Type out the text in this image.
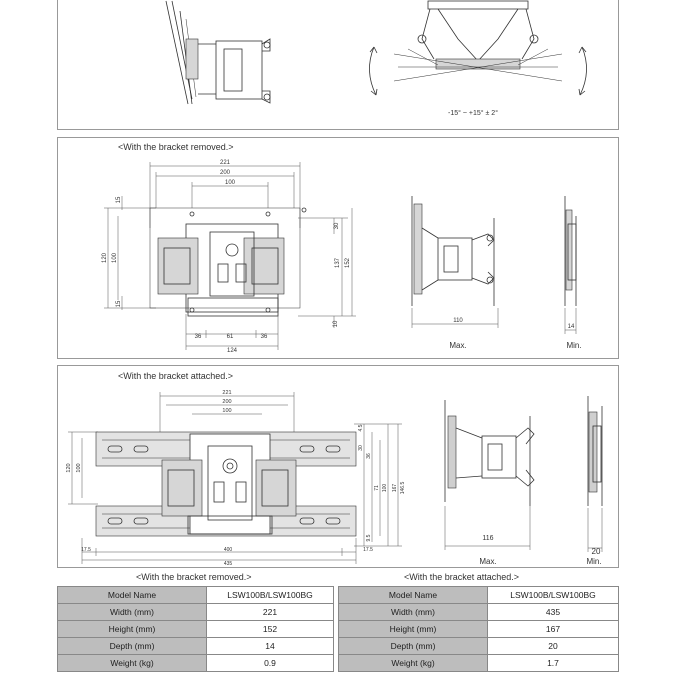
-15° ~ +15° ± 2°
<With the bracket removed.>
221
200
100
120 100
15
15
30
137 152
10
36	61	36
124
110
Max.
14
Min.
<With the bracket attached.>
221
200
100
120 100
4.5
30
36
71 100 167 146.5
9.5
17.5	400	17.5
435
116
Max.
20
Min.
<With the bracket removed.>
Model Name	LSW100B/LSW100BG
Width (mm)	221
Height (mm)	152
Depth (mm)	14
Weight (kg)	0.9
<With the bracket attached.>
Model Name	LSW100B/LSW100BG
Width (mm)	435
Height (mm)	167
Depth (mm)	20
Weight (kg)	1.7
